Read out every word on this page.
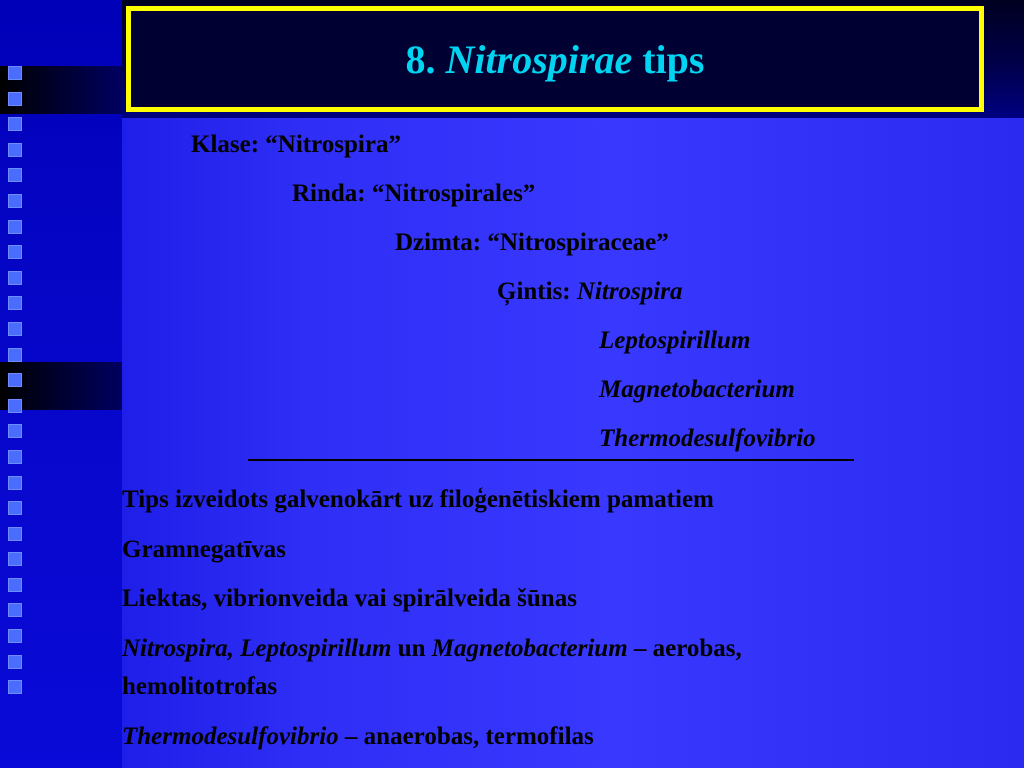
8. Nitrospirae tips
Klase: “Nitrospira”
Rinda: “Nitrospirales”
Dzimta: “Nitrospiraceae”
Ģintis: Nitrospira
Leptospirillum
Magnetobacterium
Thermodesulfovibrio
Tips izveidots galvenokārt uz filoģenētiskiem pamatiem
Gramnegatīvas
Liektas, vibrionveida vai spirālveida šūnas
Nitrospira, Leptospirillum un Magnetobacterium – aerobas,
hemolitotrofas
Thermodesulfovibrio – anaerobas, termofilas
